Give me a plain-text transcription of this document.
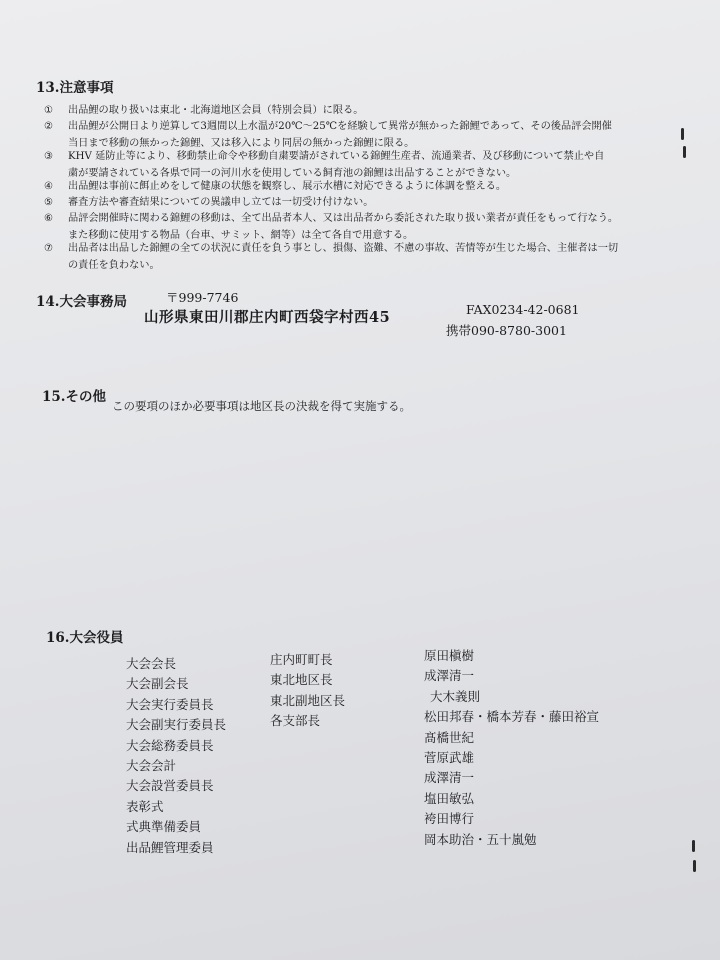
13.注意事項
① 出品鯉の取り扱いは東北・北海道地区会員（特別会員）に限る。
② 出品鯉が公開日より逆算して3週間以上水温が20℃～25℃を経験して異常が無かった錦鯉であって、その後品評会開催
当日まで移動の無かった錦鯉、又は移入により同居の無かった錦鯉に限る。
③ KHV 延防止等により、移動禁止命令や移動自粛要請がされている錦鯉生産者、流通業者、及び移動について禁止や自
粛が要請されている各県で同一の河川水を使用している飼育池の錦鯉は出品することができない。
④ 出品鯉は事前に餌止めをして健康の状態を観察し、展示水槽に対応できるように体調を整える。
⑤ 審査方法や審査結果についての異議申し立ては一切受け付けない。
⑥ 品評会開催時に関わる錦鯉の移動は、全て出品者本人、又は出品者から委託された取り扱い業者が責任をもって行なう。
また移動に使用する物品（台車、サミット、網等）は全て各自で用意する。
⑦ 出品者は出品した錦鯉の全ての状況に責任を負う事とし、損傷、盗難、不慮の事故、苦情等が生じた場合、主催者は一切
の責任を負わない。
14.大会事務局	〒999-7746
山形県東田川郡庄内町西袋字村西45	FAX0234-42-0681
携帯090-8780-3001
15.その他
この要項のほか必要事項は地区長の決裁を得て実施する。
16.大会役員
大会会長
大会副会長
大会実行委員長
大会副実行委員長
大会総務委員長
大会会計
大会設営委員長
表彰式
式典準備委員
出品鯉管理委員
庄内町町長
東北地区長
東北副地区長
各支部長
原田槇樹
成澤清一
大木義則
松田邦春・橋本芳春・藤田裕宣
髙橋世紀
菅原武雄
成澤清一
塩田敏弘
袴田博行
岡本助治・五十嵐勉
